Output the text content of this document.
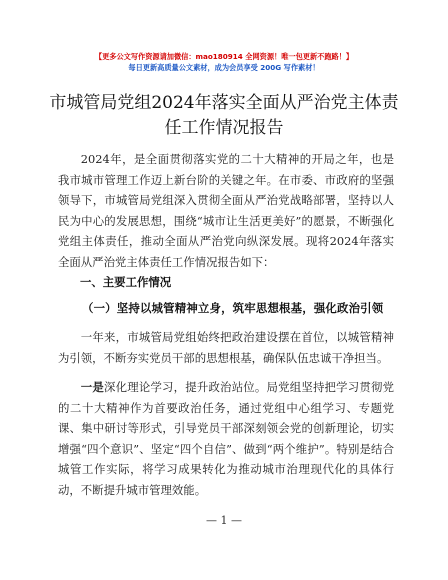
【更多公文写作资源请加微信：mao180914 全网资源！唯一包更新不跑路！】
每日更新高质量公文素材，成为会员享受 200G 写作素材！
市城管局党组2024年落实全面从严治党主体责
任工作情况报告

2024年，是全面贯彻落实党的二十大精神的开局之年，也是我市城市管理工作迈上新台阶的关键之年。在市委、市政府的坚强领导下，市城管局党组深入贯彻全面从严治党战略部署，坚持以人民为中心的发展思想，围绕“城市让生活更美好”的愿景，不断强化党组主体责任，推动全面从严治党向纵深发展。现将2024年落实全面从严治党主体责任工作情况报告如下：

一、主要工作情况
（一）坚持以城管精神立身，筑牢思想根基，强化政治引领

一年来，市城管局党组始终把政治建设摆在首位，以城管精神为引领，不断夯实党员干部的思想根基，确保队伍忠诚干净担当。

一是深化理论学习，提升政治站位。局党组坚持把学习贯彻党的二十大精神作为首要政治任务，通过党组中心组学习、专题党课、集中研讨等形式，引导党员干部深刻领会党的创新理论，切实增强“四个意识”、坚定“四个自信”、做到“两个维护”。特别是结合城管工作实际，将学习成果转化为推动城市治理现代化的具体行动，不断提升城市管理效能。

— 1 —
